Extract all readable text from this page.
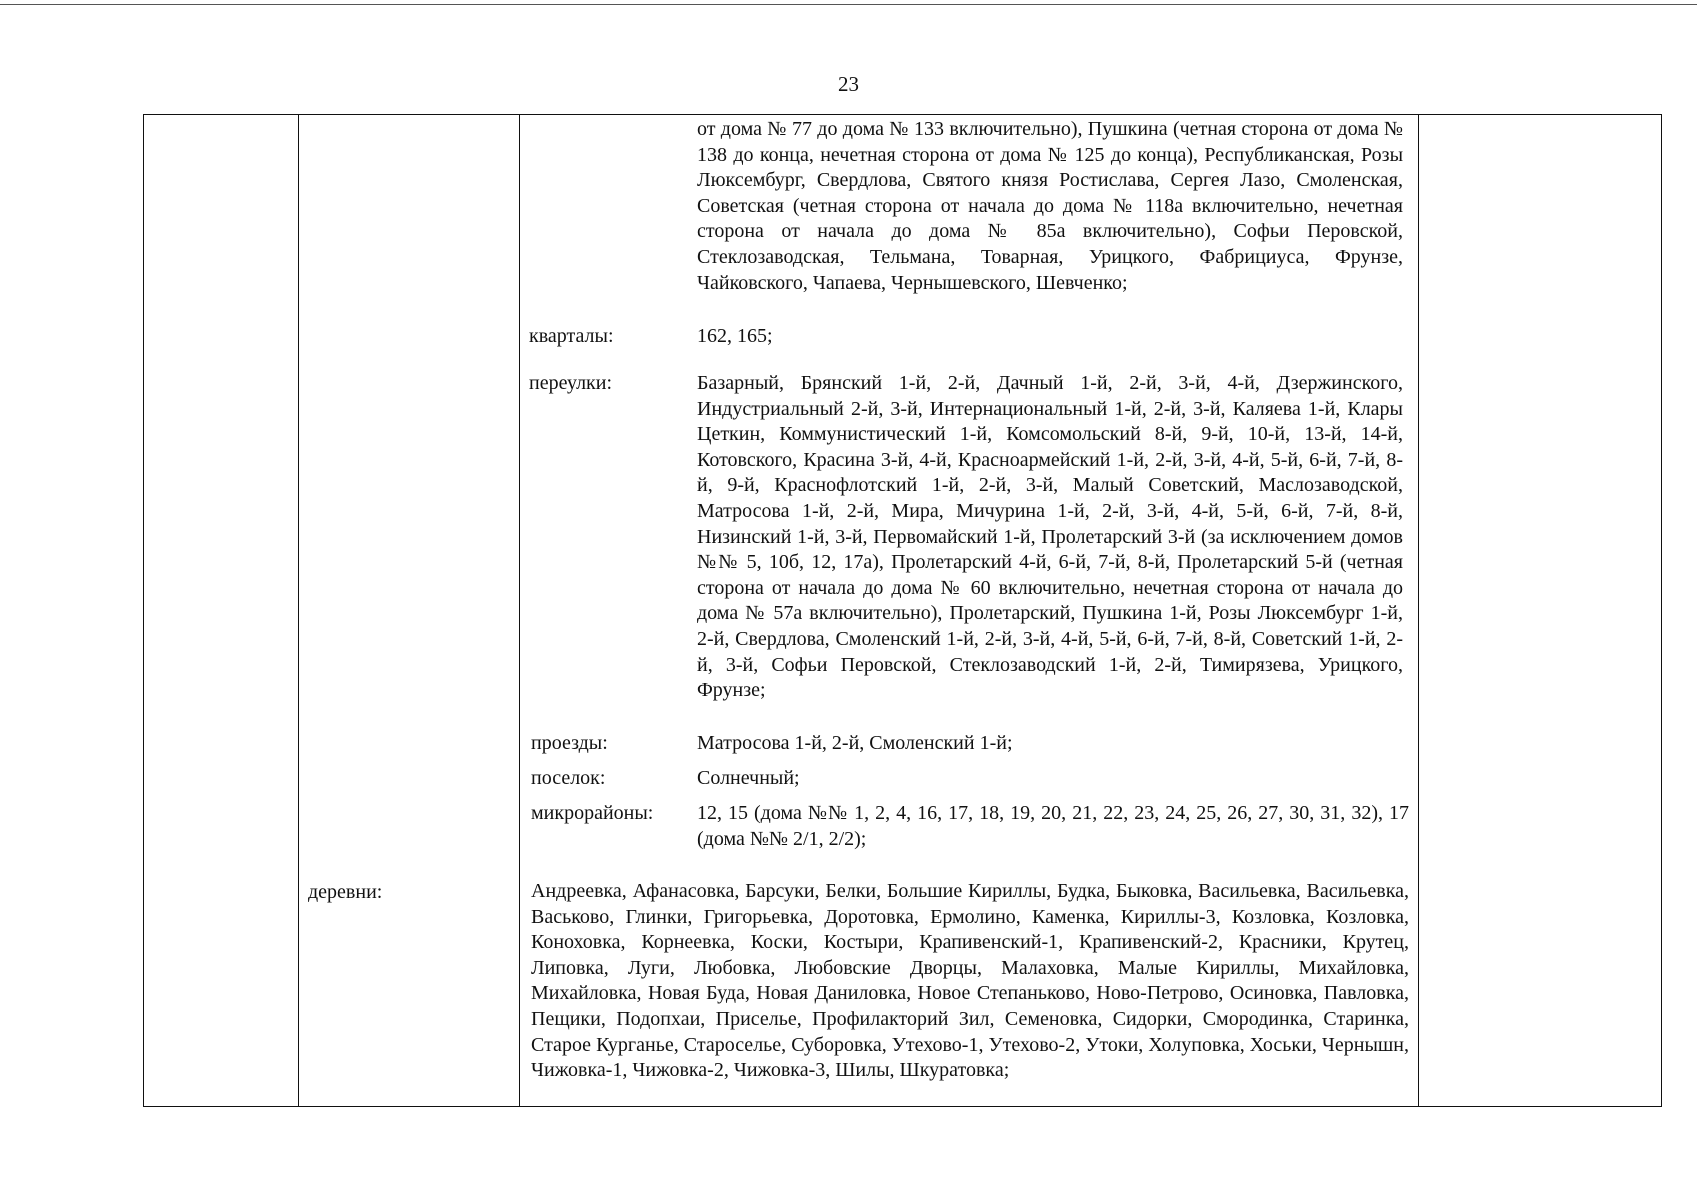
23
от дома № 77 до дома № 133 включительно), Пушкина (четная сторона от дома № 138 до конца, нечетная сторона от дома № 125 до конца), Республиканская, Розы Люксембург, Свердлова, Святого князя Ростислава, Сергея Лазо, Смоленская, Советская (четная сторона от начала до дома № 118а включительно, нечетная сторона от начала до дома № 85а включительно), Софьи Перовской, Стеклозаводская, Тельмана, Товарная, Урицкого, Фабрициуса, Фрунзе, Чайковского, Чапаева, Чернышевского, Шевченко;
кварталы:	162, 165;
переулки:	Базарный, Брянский 1-й, 2-й, Дачный 1-й, 2-й, 3-й, 4-й, Дзержинского, Индустриальный 2-й, 3-й, Интернациональный 1-й, 2-й, 3-й, Каляева 1-й, Клары Цеткин, Коммунистический 1-й, Комсомольский 8-й, 9-й, 10-й, 13-й, 14-й, Котовского, Красина 3-й, 4-й, Красноармейский 1-й, 2-й, 3-й, 4-й, 5-й, 6-й, 7-й, 8-й, 9-й, Краснофлотский 1-й, 2-й, 3-й, Малый Советский, Маслозаводской, Матросова 1-й, 2-й, Мира, Мичурина 1-й, 2-й, 3-й, 4-й, 5-й, 6-й, 7-й, 8-й, Низинский 1-й, 3-й, Первомайский 1-й, Пролетарский 3-й (за исключением домов №№ 5, 10б, 12, 17а), Пролетарский 4-й, 6-й, 7-й, 8-й, Пролетарский 5-й (четная сторона от начала до дома № 60 включительно, нечетная сторона от начала до дома № 57а включительно), Пролетарский, Пушкина 1-й, Розы Люксембург 1-й, 2-й, Свердлова, Смоленский 1-й, 2-й, 3-й, 4-й, 5-й, 6-й, 7-й, 8-й, Советский 1-й, 2-й, 3-й, Софьи Перовской, Стеклозаводский 1-й, 2-й, Тимирязева, Урицкого, Фрунзе;
проезды:	Матросова 1-й, 2-й, Смоленский 1-й;
поселок:	Солнечный;
микрорайоны: 12, 15 (дома №№ 1, 2, 4, 16, 17, 18, 19, 20, 21, 22, 23, 24, 25, 26, 27, 30, 31, 32), 17 (дома №№ 2/1, 2/2);
деревни:	Андреевка, Афанасовка, Барсуки, Белки, Большие Кириллы, Будка, Быковка, Васильевка, Васильевка, Васьково, Глинки, Григорьевка, Доротовка, Ермолино, Каменка, Кириллы-3, Козловка, Козловка, Коноховка, Корнеевка, Коски, Костыри, Крапивенский-1, Крапивенский-2, Красники, Крутец, Липовка, Луги, Любовка, Любовские Дворцы, Малаховка, Малые Кириллы, Михайловка, Михайловка, Новая Буда, Новая Даниловка, Новое Степаньково, Ново-Петрово, Осиновка, Павловка, Пещики, Подопхаи, Приселье, Профилакторий Зил, Семеновка, Сидорки, Смородинка, Старинка, Старое Курганье, Староселье, Суборовка, Утехово-1, Утехово-2, Утоки, Холуповка, Хоськи, Чернышн, Чижовка-1, Чижовка-2, Чижовка-3, Шилы, Шкуратовка;
